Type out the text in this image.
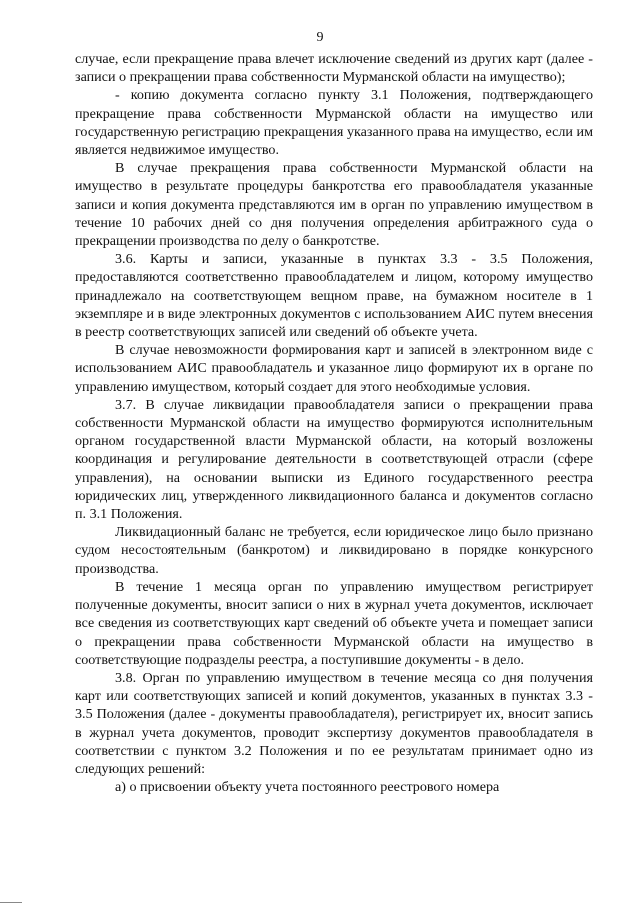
9

случае, если прекращение права влечет исключение сведений из других карт (далее - записи о прекращении права собственности Мурманской области на имущество);

- копию документа согласно пункту 3.1 Положения, подтверждающего прекращение права собственности Мурманской области на имущество или государственную регистрацию прекращения указанного права на имущество, если им является недвижимое имущество.

В случае прекращения права собственности Мурманской области на имущество в результате процедуры банкротства его правообладателя указанные записи и копия документа представляются им в орган по управлению имуществом в течение 10 рабочих дней со дня получения определения арбитражного суда о прекращении производства по делу о банкротстве.

3.6. Карты и записи, указанные в пунктах 3.3 - 3.5 Положения, предоставляются соответственно правообладателем и лицом, которому имущество принадлежало на соответствующем вещном праве, на бумажном носителе в 1 экземпляре и в виде электронных документов с использованием АИС путем внесения в реестр соответствующих записей или сведений об объекте учета.

В случае невозможности формирования карт и записей в электронном виде с использованием АИС правообладатель и указанное лицо формируют их в органе по управлению имуществом, который создает для этого необходимые условия.

3.7. В случае ликвидации правообладателя записи о прекращении права собственности Мурманской области на имущество формируются исполнительным органом государственной власти Мурманской области, на который возложены координация и регулирование деятельности в соответствующей отрасли (сфере управления), на основании выписки из Единого государственного реестра юридических лиц, утвержденного ликвидационного баланса и документов согласно п. 3.1 Положения.

Ликвидационный баланс не требуется, если юридическое лицо было признано судом несостоятельным (банкротом) и ликвидировано в порядке конкурсного производства.

В течение 1 месяца орган по управлению имуществом регистрирует полученные документы, вносит записи о них в журнал учета документов, исключает все сведения из соответствующих карт сведений об объекте учета и помещает записи о прекращении права собственности Мурманской области на имущество в соответствующие подразделы реестра, а поступившие документы - в дело.

3.8. Орган по управлению имуществом в течение месяца со дня получения карт или соответствующих записей и копий документов, указанных в пунктах 3.3 - 3.5 Положения (далее - документы правообладателя), регистрирует их, вносит запись в журнал учета документов, проводит экспертизу документов правообладателя в соответствии с пунктом 3.2 Положения и по ее результатам принимает одно из следующих решений:

а) о присвоении объекту учета постоянного реестрового номера
